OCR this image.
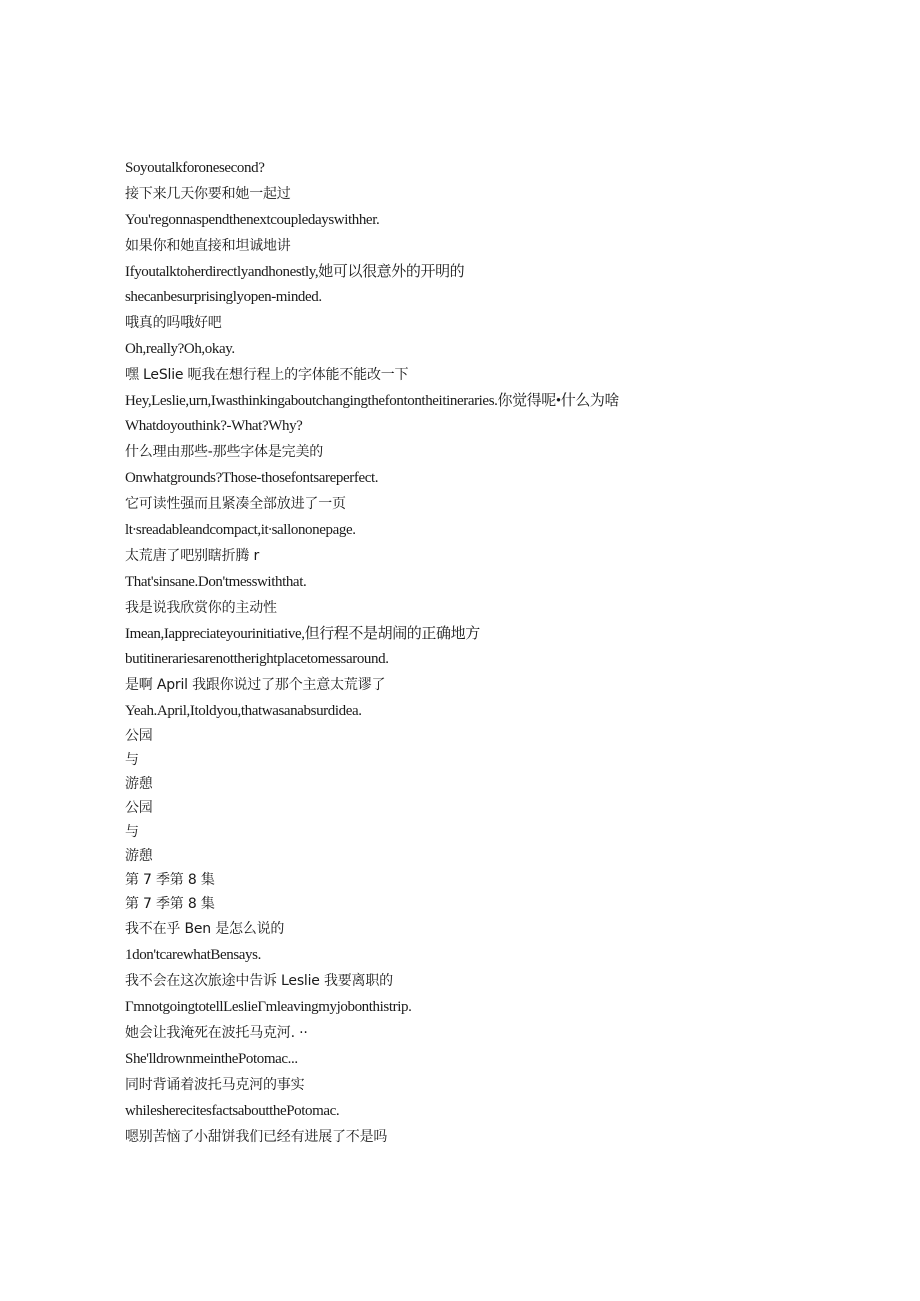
Soyoutalkforonesecond?

接下来几天你要和她一起过

You'regonnaspendthenextcoupledayswithher.

如果你和她直接和坦诚地讲

Ifyoutalktoherdirectlyandhonestly,她可以很意外的开明的

shecanbesurprisinglyopen-minded.

哦真的吗哦好吧

Oh,really?Oh,okay.

嘿 LeSlie 呃我在想行程上的字体能不能改一下

Hey,Leslie,urn,Iwasthinkingaboutchangingthefontontheitineraries.你觉得呢•什么为啥

Whatdoyouthink?-What?Why?

什么理由那些-那些字体是完美的

Onwhatgrounds?Those-thosefontsareperfect.

它可读性强而且紧凑全部放进了一页

lt∙sreadableandcompact,it∙sallononepage.

太荒唐了吧别瞎折腾 r

That'sinsane.Don'tmesswiththat.

我是说我欣赏你的主动性

Imean,Iappreciateyourinitiative,但行程不是胡闹的正确地方

butitinerariesarenottherightplacetomessaround.

是啊 April 我跟你说过了那个主意太荒谬了

Yeah.April,Itoldyou,thatwasanabsurdidea.

公园

与

游憩

公园

与

游憩

第 7 季第 8 集

第 7 季第 8 集

我不在乎 Ben 是怎么说的

1don'tcarewhatBensays.

我不会在这次旅途中告诉 Leslie 我要离职的

ΓmnotgoingtotellLeslieΓmleavingmyjobonthistrip.

她会让我淹死在波托马克河. ··

She'lldrownmeinthePotomac...

同时背诵着波托马克河的事实

whilesherecitesfactsaboutthePotomac.

嗯别苦恼了小甜饼我们已经有进展了不是吗
